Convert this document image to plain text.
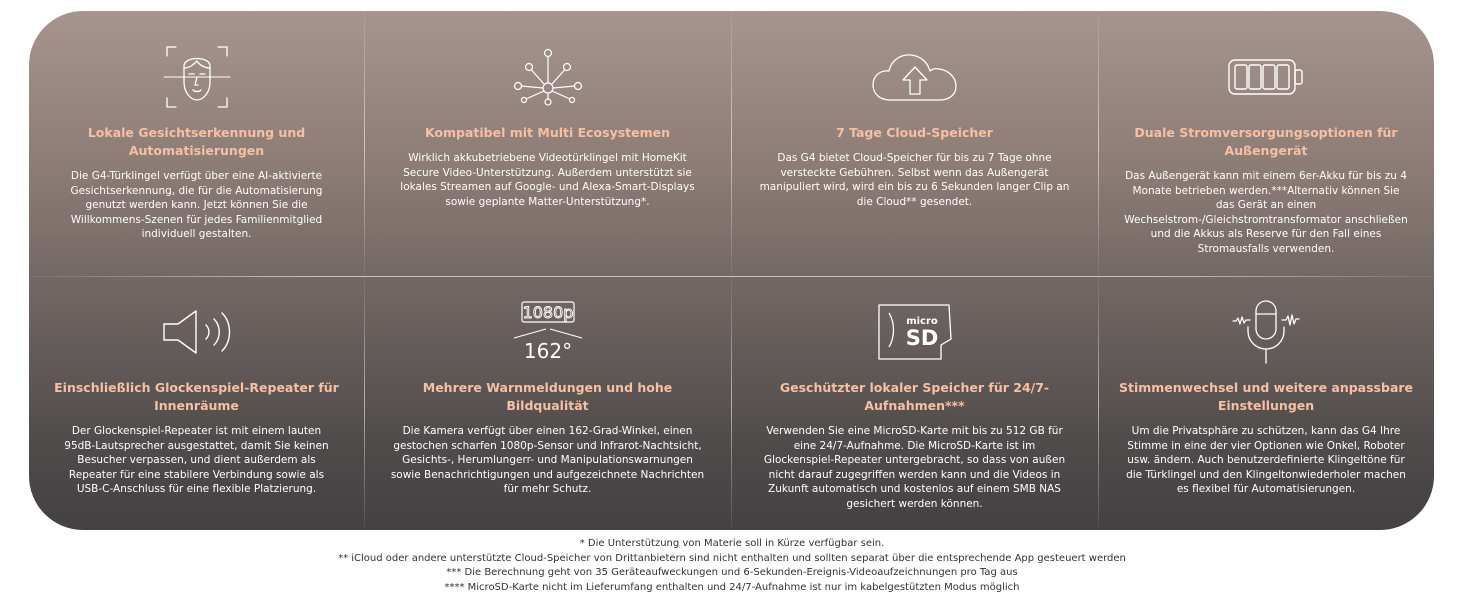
Lokale Gesichtserkennung und Automatisierungen

Die G4-Türklingel verfügt über eine AI-aktivierte Gesichtserkennung, die für die Automatisierung genutzt werden kann. Jetzt können Sie die Willkommens-Szenen für jedes Familienmitglied individuell gestalten.

Kompatibel mit Multi Ecosystemen

Wirklich akkubetriebene Videotürklingel mit HomeKit Secure Video-Unterstützung. Außerdem unterstützt sie lokales Streamen auf Google- und Alexa-Smart-Displays sowie geplante Matter-Unterstützung*.

7 Tage Cloud-Speicher

Das G4 bietet Cloud-Speicher für bis zu 7 Tage ohne versteckte Gebühren. Selbst wenn das Außengerät manipuliert wird, wird ein bis zu 6 Sekunden langer Clip an die Cloud** gesendet.

Duale Stromversorgungsoptionen für Außengerät

Das Außengerät kann mit einem 6er-Akku für bis zu 4 Monate betrieben werden.***Alternativ können Sie das Gerät an einen Wechselstrom-/Gleichstromtransformator anschließen und die Akkus als Reserve für den Fall eines Stromausfalls verwenden.

Einschließlich Glockenspiel-Repeater für Innenräume

Der Glockenspiel-Repeater ist mit einem lauten 95dB-Lautsprecher ausgestattet, damit Sie keinen Besucher verpassen, und dient außerdem als Repeater für eine stabilere Verbindung sowie als USB-C-Anschluss für eine flexible Platzierung.

1080p
162°
Mehrere Warnmeldungen und hohe Bildqualität

Die Kamera verfügt über einen 162-Grad-Winkel, einen gestochen scharfen 1080p-Sensor und Infrarot-Nachtsicht, Gesichts-, Herumlungerr- und Manipulationswarnungen sowie Benachrichtigungen und aufgezeichnete Nachrichten für mehr Schutz.

micro
SD
Geschützter lokaler Speicher für 24/7-Aufnahmen***

Verwenden Sie eine MicroSD-Karte mit bis zu 512 GB für eine 24/7-Aufnahme. Die MicroSD-Karte ist im Glockenspiel-Repeater untergebracht, so dass von außen nicht darauf zugegriffen werden kann und die Videos in Zukunft automatisch und kostenlos auf einem SMB NAS gesichert werden können.

Stimmenwechsel und weitere anpassbare Einstellungen

Um die Privatsphäre zu schützen, kann das G4 Ihre Stimme in eine der vier Optionen wie Onkel, Roboter usw. ändern. Auch benutzerdefinierte Klingeltöne für die Türklingel und den Klingeltonwiederholer machen es flexibel für Automatisierungen.

* Die Unterstützung von Materie soll in Kürze verfügbar sein.
** iCloud oder andere unterstützte Cloud-Speicher von Drittanbietern sind nicht enthalten und sollten separat über die entsprechende App gesteuert werden
*** Die Berechnung geht von 35 Geräteaufweckungen und 6-Sekunden-Ereignis-Videoaufzeichnungen pro Tag aus
**** MicroSD-Karte nicht im Lieferumfang enthalten und 24/7-Aufnahme ist nur im kabelgestützten Modus möglich
